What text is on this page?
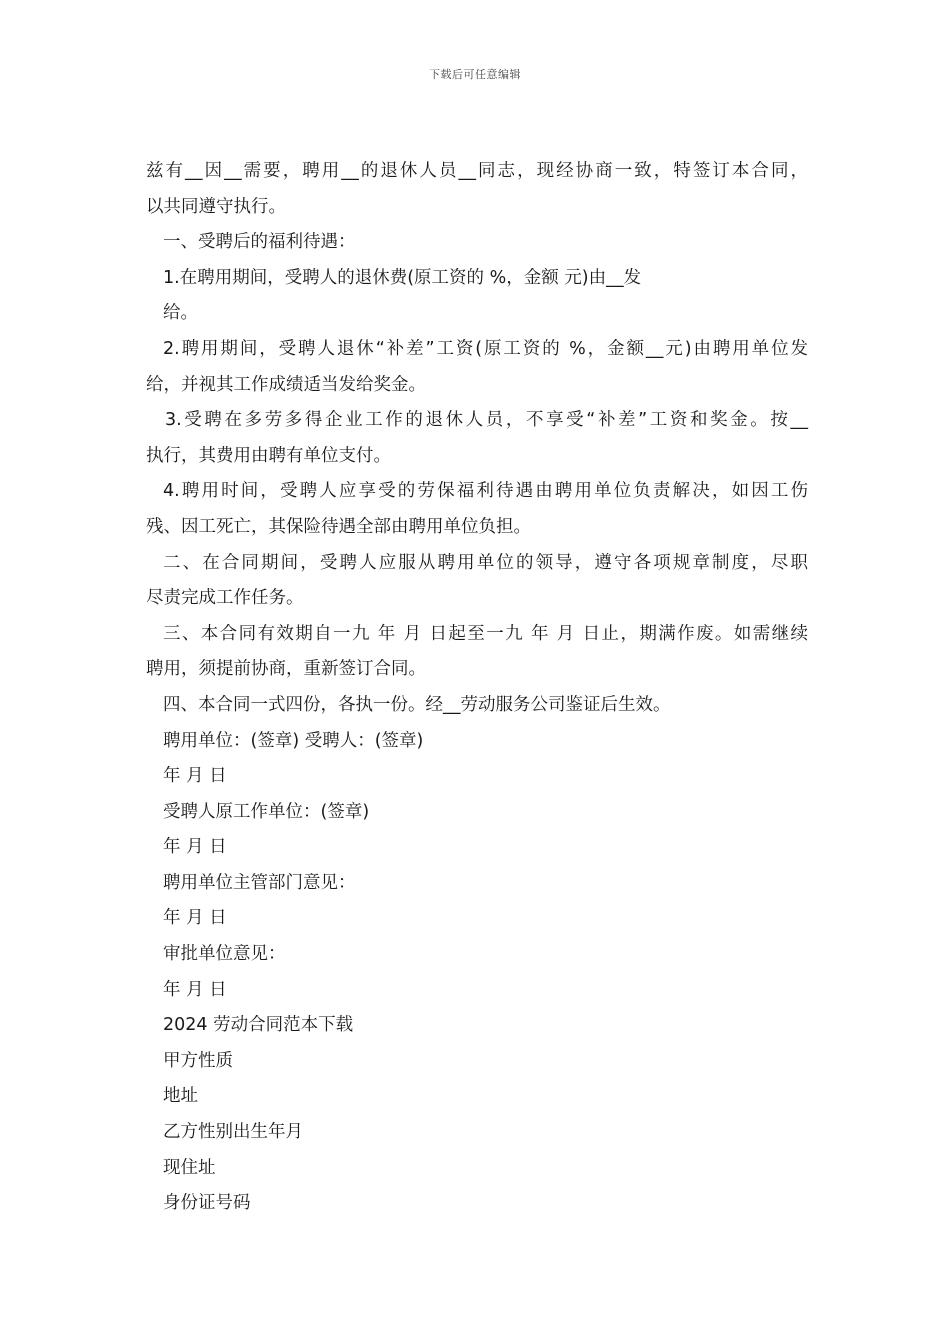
下载后可任意编辑

兹有__因__需要，聘用__的退休人员__同志，现经协商一致，特签订本合同，

以共同遵守执行。

一、受聘后的福利待遇：

1.在聘用期间，受聘人的退休费(原工资的 %，金额 元)由__发

给。

2.聘用期间，受聘人退休“补差”工资(原工资的 %，金额__元)由聘用单位发

给，并视其工作成绩适当发给奖金。

3.受聘在多劳多得企业工作的退休人员，不享受“补差”工资和奖金。按__

执行，其费用由聘有单位支付。

4.聘用时间，受聘人应享受的劳保福利待遇由聘用单位负责解决，如因工伤

残、因工死亡，其保险待遇全部由聘用单位负担。

二、在合同期间，受聘人应服从聘用单位的领导，遵守各项规章制度，尽职

尽责完成工作任务。

三、本合同有效期自一九 年 月 日起至一九 年 月 日止，期满作废。如需继续

聘用，须提前协商，重新签订合同。

四、本合同一式四份，各执一份。经__劳动服务公司鉴证后生效。

聘用单位：(签章) 受聘人：(签章)

年 月 日

受聘人原工作单位：(签章)

年 月 日

聘用单位主管部门意见：

年 月 日

审批单位意见：

年 月 日

2024 劳动合同范本下载

甲方性质

地址

乙方性别出生年月

现住址

身份证号码
